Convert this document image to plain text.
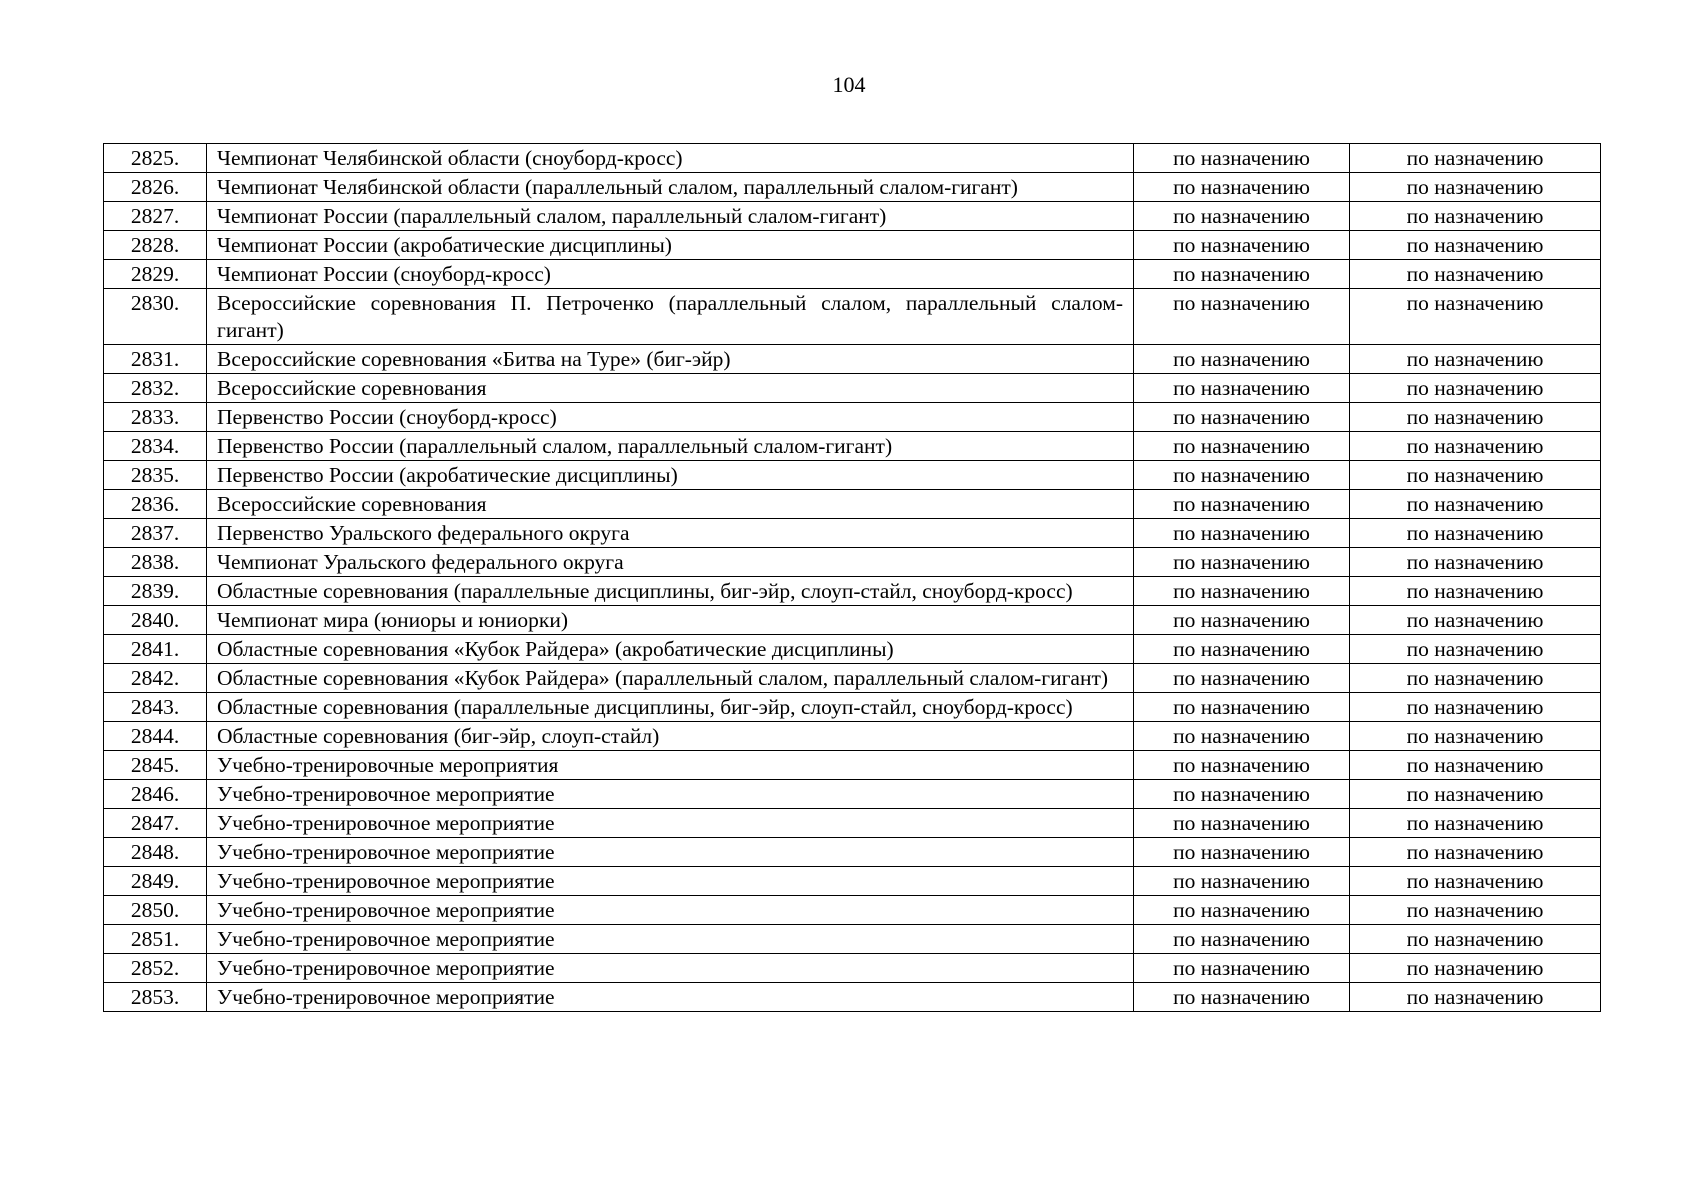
104
2825.	Чемпионат Челябинской области (сноуборд-кросс)	по назначению	по назначению
2826.	Чемпионат Челябинской области (параллельный слалом, параллельный слалом-гигант)	по назначению	по назначению
2827.	Чемпионат России (параллельный слалом, параллельный слалом-гигант)	по назначению	по назначению
2828.	Чемпионат России (акробатические дисциплины)	по назначению	по назначению
2829.	Чемпионат России (сноуборд-кросс)	по назначению	по назначению
2830.	Всероссийские соревнования П. Петроченко (параллельный слалом, параллельный слалом-гигант)	по назначению	по назначению
2831.	Всероссийские соревнования «Битва на Туре» (биг-эйр)	по назначению	по назначению
2832.	Всероссийские соревнования	по назначению	по назначению
2833.	Первенство России (сноуборд-кросс)	по назначению	по назначению
2834.	Первенство России (параллельный слалом, параллельный слалом-гигант)	по назначению	по назначению
2835.	Первенство России (акробатические дисциплины)	по назначению	по назначению
2836.	Всероссийские соревнования	по назначению	по назначению
2837.	Первенство Уральского федерального округа	по назначению	по назначению
2838.	Чемпионат Уральского федерального округа	по назначению	по назначению
2839.	Областные соревнования (параллельные дисциплины, биг-эйр, слоуп-стайл, сноуборд-кросс)	по назначению	по назначению
2840.	Чемпионат мира (юниоры и юниорки)	по назначению	по назначению
2841.	Областные соревнования «Кубок Райдера» (акробатические дисциплины)	по назначению	по назначению
2842.	Областные соревнования «Кубок Райдера» (параллельный слалом, параллельный слалом-гигант)	по назначению	по назначению
2843.	Областные соревнования (параллельные дисциплины, биг-эйр, слоуп-стайл, сноуборд-кросс)	по назначению	по назначению
2844.	Областные соревнования (биг-эйр, слоуп-стайл)	по назначению	по назначению
2845.	Учебно-тренировочные мероприятия	по назначению	по назначению
2846.	Учебно-тренировочное мероприятие	по назначению	по назначению
2847.	Учебно-тренировочное мероприятие	по назначению	по назначению
2848.	Учебно-тренировочное мероприятие	по назначению	по назначению
2849.	Учебно-тренировочное мероприятие	по назначению	по назначению
2850.	Учебно-тренировочное мероприятие	по назначению	по назначению
2851.	Учебно-тренировочное мероприятие	по назначению	по назначению
2852.	Учебно-тренировочное мероприятие	по назначению	по назначению
2853.	Учебно-тренировочное мероприятие	по назначению	по назначению
